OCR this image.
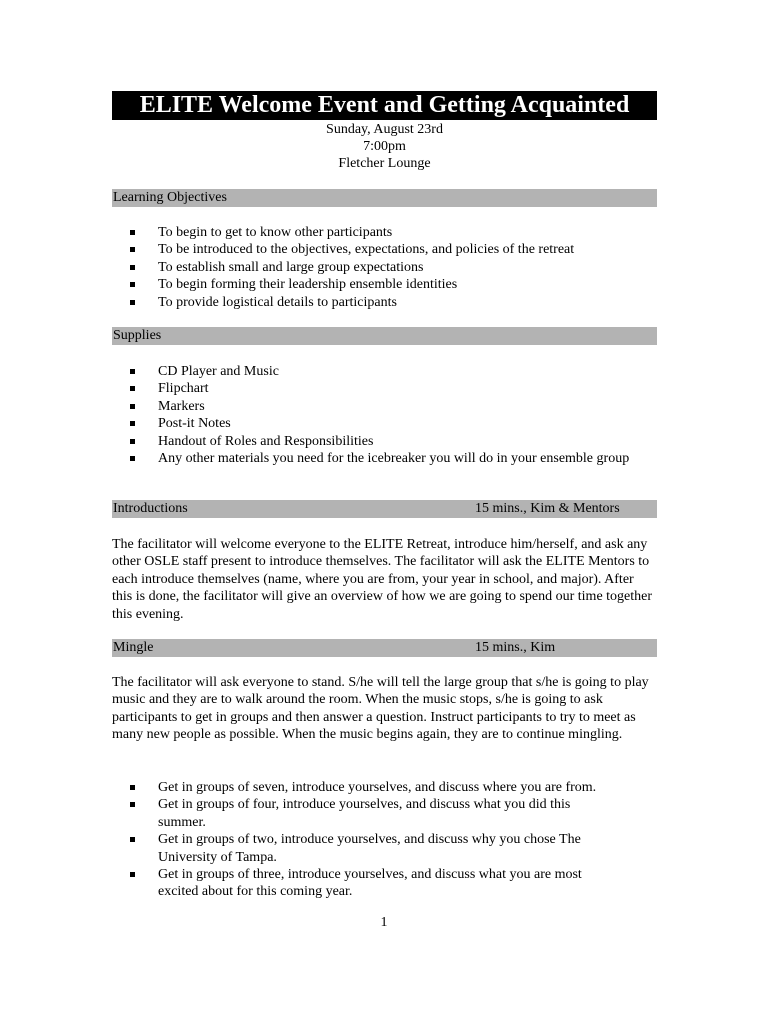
ELITE Welcome Event and Getting Acquainted
Sunday, August 23rd
7:00pm
Fletcher Lounge
Learning Objectives
To begin to get to know other participants
To be introduced to the objectives, expectations, and policies of the retreat
To establish small and large group expectations
To begin forming their leadership ensemble identities
To provide logistical details to participants
Supplies
CD Player and Music
Flipchart
Markers
Post-it Notes
Handout of Roles and Responsibilities
Any other materials you need for the icebreaker you will do in your ensemble group
Introductions	15 mins., Kim & Mentors

The facilitator will welcome everyone to the ELITE Retreat, introduce him/herself, and ask any other OSLE staff present to introduce themselves. The facilitator will ask the ELITE Mentors to each introduce themselves (name, where you are from, your year in school, and major). After this is done, the facilitator will give an overview of how we are going to spend our time together this evening.

Mingle	15 mins., Kim

The facilitator will ask everyone to stand. S/he will tell the large group that s/he is going to play music and they are to walk around the room. When the music stops, s/he is going to ask participants to get in groups and then answer a question. Instruct participants to try to meet as many new people as possible. When the music begins again, they are to continue mingling.

Get in groups of seven, introduce yourselves, and discuss where you are from.
Get in groups of four, introduce yourselves, and discuss what you did this summer.
Get in groups of two, introduce yourselves, and discuss why you chose The University of Tampa.
Get in groups of three, introduce yourselves, and discuss what you are most excited about for this coming year.
1
